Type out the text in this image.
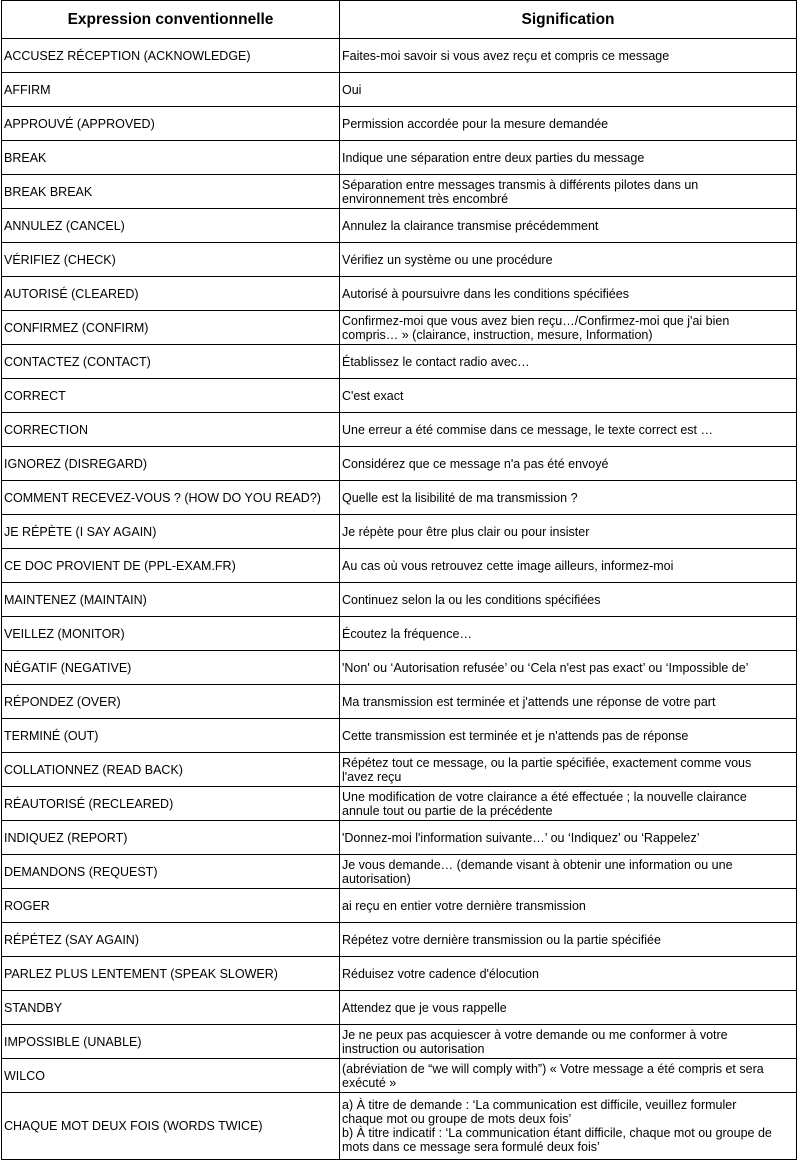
Expression conventionnelle	Signification
ACCUSEZ RÉCEPTION (ACKNOWLEDGE)	Faites-moi savoir si vous avez reçu et compris ce message
AFFIRM	Oui
APPROUVÉ (APPROVED)	Permission accordée pour la mesure demandée
BREAK	Indique une séparation entre deux parties du message
BREAK BREAK	Séparation entre messages transmis à différents pilotes dans un
environnement très encombré
ANNULEZ (CANCEL)	Annulez la clairance transmise précédemment
VÉRIFIEZ (CHECK)	Vérifiez un système ou une procédure
AUTORISÉ (CLEARED)	Autorisé à poursuivre dans les conditions spécifiées
CONFIRMEZ (CONFIRM)	Confirmez-moi que vous avez bien reçu…/Confirmez-moi que j'ai bien
compris… » (clairance, instruction, mesure, Information)
CONTACTEZ (CONTACT)	Établissez le contact radio avec…
CORRECT	C'est exact
CORRECTION	Une erreur a été commise dans ce message, le texte correct est …
IGNOREZ (DISREGARD)	Considérez que ce message n'a pas été envoyé
COMMENT RECEVEZ-VOUS ? (HOW DO YOU READ?)	Quelle est la lisibilité de ma transmission ?
JE RÉPÈTE (I SAY AGAIN)	Je répète pour être plus clair ou pour insister
CE DOC PROVIENT DE (PPL-EXAM.FR)	Au cas où vous retrouvez cette image ailleurs, informez-moi
MAINTENEZ (MAINTAIN)	Continuez selon la ou les conditions spécifiées
VEILLEZ (MONITOR)	Écoutez la fréquence…
NÉGATIF (NEGATIVE)	'Non' ou ‘Autorisation refusée’ ou ‘Cela n'est pas exact’ ou ‘Impossible de’
RÉPONDEZ (OVER)	Ma transmission est terminée et j'attends une réponse de votre part
TERMINÉ (OUT)	Cette transmission est terminée et je n'attends pas de réponse
COLLATIONNEZ (READ BACK)	Répétez tout ce message, ou la partie spécifiée, exactement comme vous
l'avez reçu
RÉAUTORISÉ (RECLEARED)	Une modification de votre clairance a été effectuée ; la nouvelle clairance
annule tout ou partie de la précédente
INDIQUEZ (REPORT)	'Donnez-moi l'information suivante…’ ou ‘Indiquez’ ou ‘Rappelez’
DEMANDONS (REQUEST)	Je vous demande… (demande visant à obtenir une information ou une
autorisation)
ROGER	ai reçu en entier votre dernière transmission
RÉPÉTEZ (SAY AGAIN)	Répétez votre dernière transmission ou la partie spécifiée
PARLEZ PLUS LENTEMENT (SPEAK SLOWER)	Réduisez votre cadence d'élocution
STANDBY	Attendez que je vous rappelle
IMPOSSIBLE (UNABLE)	Je ne peux pas acquiescer à votre demande ou me conformer à votre
instruction ou autorisation
WILCO	(abréviation de “we will comply with”) « Votre message a été compris et sera
exécuté »
CHAQUE MOT DEUX FOIS (WORDS TWICE)	a) À titre de demande : ‘La communication est difficile, veuillez formuler
chaque mot ou groupe de mots deux fois’
b) À titre indicatif : ‘La communication étant difficile, chaque mot ou groupe de
mots dans ce message sera formulé deux fois’
